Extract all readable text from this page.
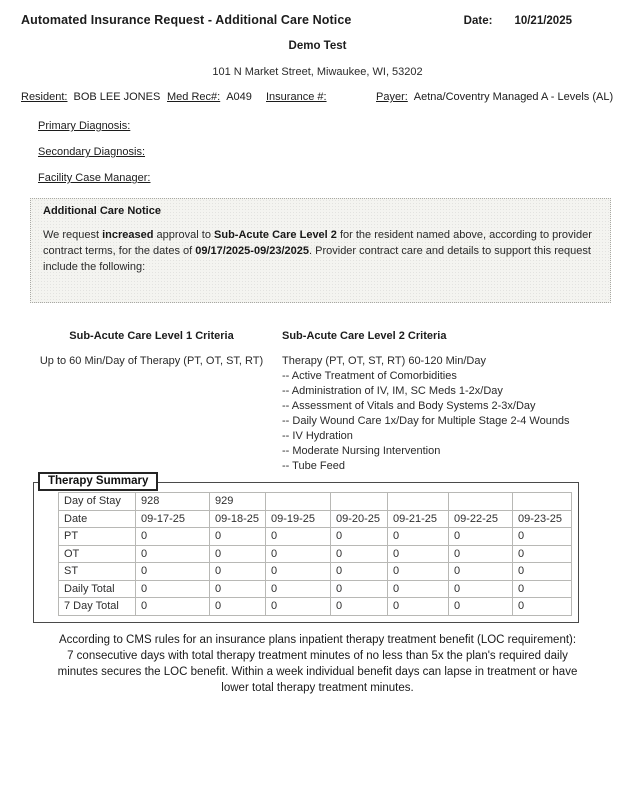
Automated Insurance Request - Additional Care Notice	Date: 10/21/2025
Demo Test
101 N Market Street, Miwaukee, WI, 53202
Resident: BOB LEE JONES Med Rec#: A049 Insurance #:	Payer: Aetna/Coventry Managed A - Levels (AL)
Primary Diagnosis:
Secondary Diagnosis:
Facility Case Manager:
Additional Care Notice
We request increased approval to Sub-Acute Care Level 2 for the resident named above, according to provider contract terms, for the dates of 09/17/2025-09/23/2025. Provider contract care and details to support this request include the following:
Sub-Acute Care Level 1 Criteria
Up to 60 Min/Day of Therapy (PT, OT, ST, RT)
Sub-Acute Care Level 2 Criteria
Therapy (PT, OT, ST, RT) 60-120 Min/Day
-- Active Treatment of Comorbidities
-- Administration of IV, IM, SC Meds 1-2x/Day
-- Assessment of Vitals and Body Systems 2-3x/Day
-- Daily Wound Care 1x/Day for Multiple Stage 2-4 Wounds
-- IV Hydration
-- Moderate Nursing Intervention
-- Tube Feed
Therapy Summary
Day of Stay	928	929					
Date	09-17-25	09-18-25	09-19-25	09-20-25	09-21-25	09-22-25	09-23-25
PT	0	0	0	0	0	0	0
OT	0	0	0	0	0	0	0
ST	0	0	0	0	0	0	0
Daily Total	0	0	0	0	0	0	0
7 Day Total	0	0	0	0	0	0	0
According to CMS rules for an insurance plans inpatient therapy treatment benefit (LOC requirement):
7 consecutive days with total therapy treatment minutes of no less than 5x the plan's required daily
minutes secures the LOC benefit. Within a week individual benefit days can lapse in treatment or have
lower total therapy treatment minutes.
